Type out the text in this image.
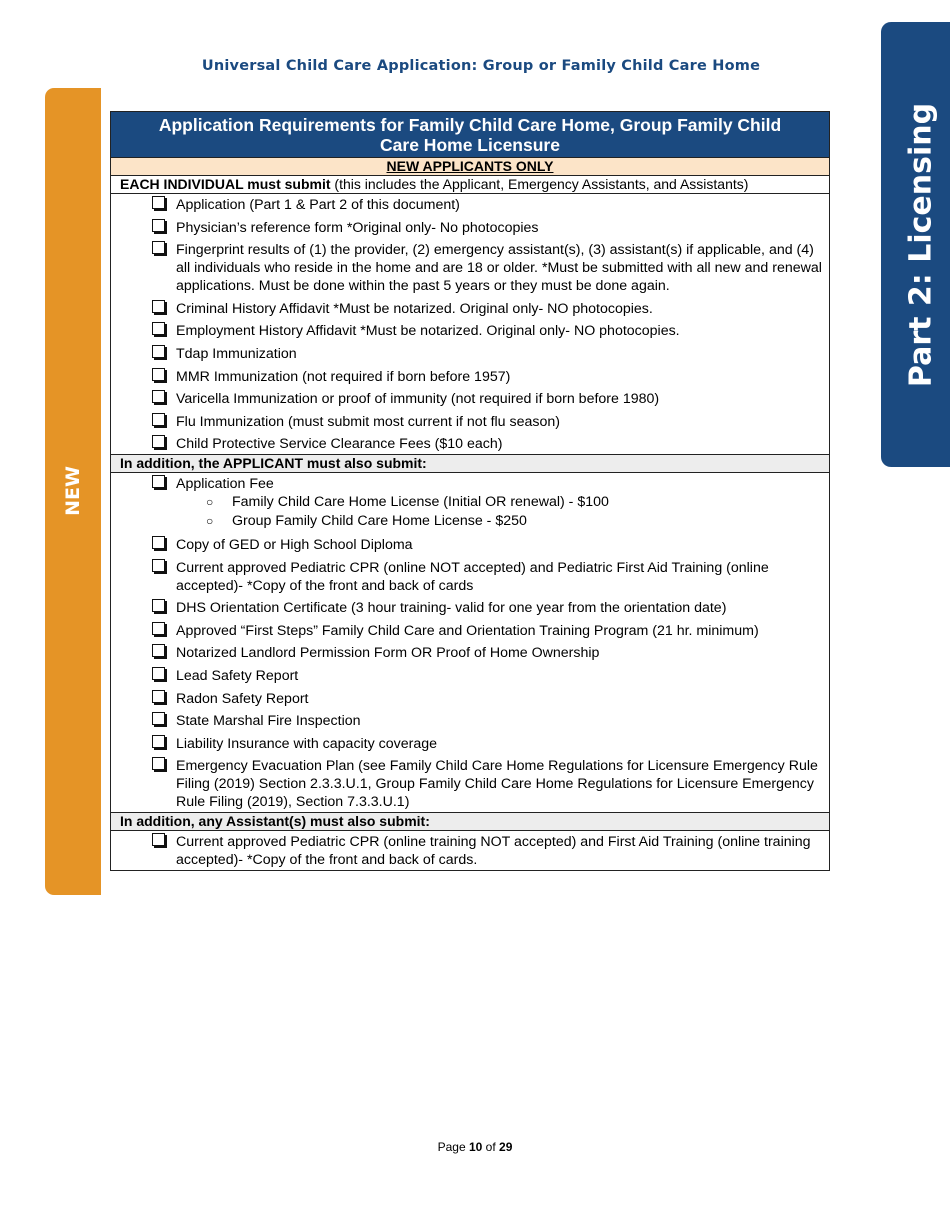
Universal Child Care Application: Group or Family Child Care Home
Part 2: Licensing
NEW
Application Requirements for Family Child Care Home, Group Family Child
Care Home Licensure
NEW APPLICANTS ONLY
EACH INDIVIDUAL must submit (this includes the Applicant, Emergency Assistants, and Assistants)
Application (Part 1 & Part 2 of this document)
Physician’s reference form *Original only- No photocopies
Fingerprint results of (1) the provider, (2) emergency assistant(s), (3) assistant(s) if applicable, and (4) all individuals who reside in the home and are 18 or older. *Must be submitted with all new and renewal applications. Must be done within the past 5 years or they must be done again.
Criminal History Affidavit *Must be notarized. Original only- NO photocopies.
Employment History Affidavit *Must be notarized. Original only- NO photocopies.
Tdap Immunization
MMR Immunization (not required if born before 1957)
Varicella Immunization or proof of immunity (not required if born before 1980)
Flu Immunization (must submit most current if not flu season)
Child Protective Service Clearance Fees ($10 each)
In addition, the APPLICANT must also submit:
Application Fee
○ Family Child Care Home License (Initial OR renewal) - $100
○ Group Family Child Care Home License - $250
Copy of GED or High School Diploma
Current approved Pediatric CPR (online NOT accepted) and Pediatric First Aid Training (online accepted)- *Copy of the front and back of cards
DHS Orientation Certificate (3 hour training- valid for one year from the orientation date)
Approved “First Steps” Family Child Care and Orientation Training Program (21 hr. minimum)
Notarized Landlord Permission Form OR Proof of Home Ownership
Lead Safety Report
Radon Safety Report
State Marshal Fire Inspection
Liability Insurance with capacity coverage
Emergency Evacuation Plan (see Family Child Care Home Regulations for Licensure Emergency Rule Filing (2019) Section 2.3.3.U.1, Group Family Child Care Home Regulations for Licensure Emergency Rule Filing (2019), Section 7.3.3.U.1)
In addition, any Assistant(s) must also submit:
Current approved Pediatric CPR (online training NOT accepted) and First Aid Training (online training accepted)- *Copy of the front and back of cards.
Page 10 of 29
